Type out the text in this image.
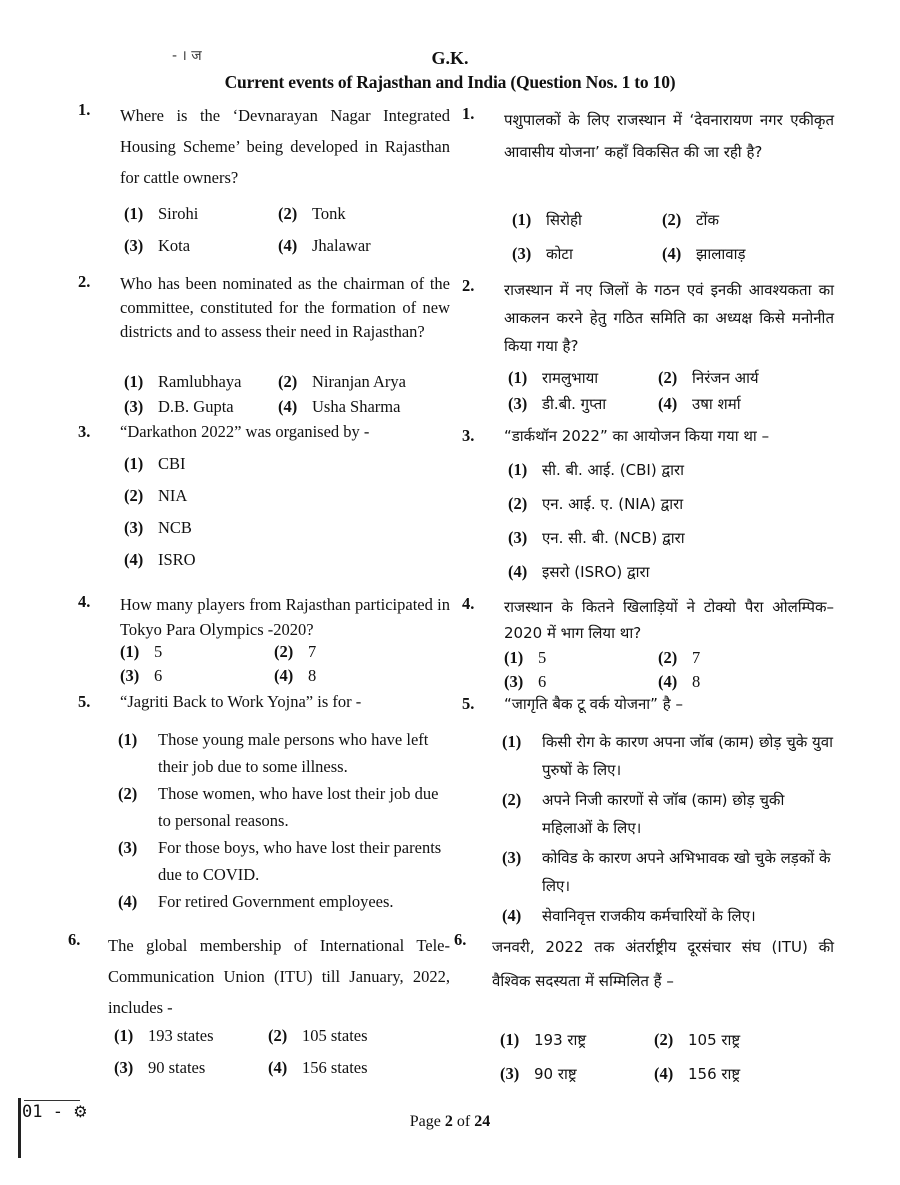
- । ज	G.K.
Current events of Rajasthan and India (Question Nos. 1 to 10)
1. Where is the ‘Devnarayan Nagar Integrated Housing Scheme’ being developed in Rajasthan for cattle owners?
(1) Sirohi	(2) Tonk
(3) Kota	(4) Jhalawar
2. Who has been nominated as the chairman of the committee, constituted for the formation of new districts and to assess their need in Rajasthan?
(1) Ramlubhaya (2) Niranjan Arya
(3) D.B. Gupta	(4) Usha Sharma
3. “Darkathon 2022” was organised by -
(1) CBI
(2) NIA
(3) NCB
(4) ISRO
4. How many players from Rajasthan participated in Tokyo Para Olympics -2020?
(1) 5	(2) 7
(3) 6	(4) 8
5. “Jagriti Back to Work Yojna” is for -
(1) Those young male persons who have left their job due to some illness.
(2) Those women, who have lost their job due to personal reasons.
(3) For those boys, who have lost their parents due to COVID.
(4) For retired Government employees.
6. The global membership of International Tele-Communication Union (ITU) till January, 2022, includes -
(1) 193 states	(2) 105 states
(3) 90 states	(4) 156 states
1. पशुपालकों के लिए राजस्थान में ‘देवनारायण नगर एकीकृत आवासीय योजना’ कहाँ विकसित की जा रही है?
(1) सिरोही	(2) टोंक
(3) कोटा	(4) झालावाड़
2. राजस्थान में नए जिलों के गठन एवं इनकी आवश्यकता का आकलन करने हेतु गठित समिति का अध्यक्ष किसे मनोनीत किया गया है?
(1) रामलुभाया	(2) निरंजन आर्य
(3) डी.बी. गुप्ता	(4) उषा शर्मा
3. “डार्कथॉन 2022” का आयोजन किया गया था –
(1) सी. बी. आई. (CBI) द्वारा
(2) एन. आई. ए. (NIA) द्वारा
(3) एन. सी. बी. (NCB) द्वारा
(4) इसरो (ISRO) द्वारा
4. राजस्थान के कितने खिलाड़ियों ने टोक्यो पैरा ओलम्पिक–2020 में भाग लिया था?
(1) 5	(2) 7
(3) 6	(4) 8
5. “जागृति बैक टू वर्क योजना” है –
(1) किसी रोग के कारण अपना जॉब (काम) छोड़ चुके युवा पुरुषों के लिए।
(2) अपने निजी कारणों से जॉब (काम) छोड़ चुकी महिलाओं के लिए।
(3) कोविड के कारण अपने अभिभावक खो चुके लड़कों के लिए।
(4) सेवानिवृत्त राजकीय कर्मचारियों के लिए।
6. जनवरी, 2022 तक अंतर्राष्ट्रीय दूरसंचार संघ (ITU) की वैश्विक सदस्यता में सम्मिलित हैं –
(1) 193 राष्ट्र	(2) 105 राष्ट्र
(3) 90 राष्ट्र	(4) 156 राष्ट्र
01 - ⚙
Page 2 of 24
